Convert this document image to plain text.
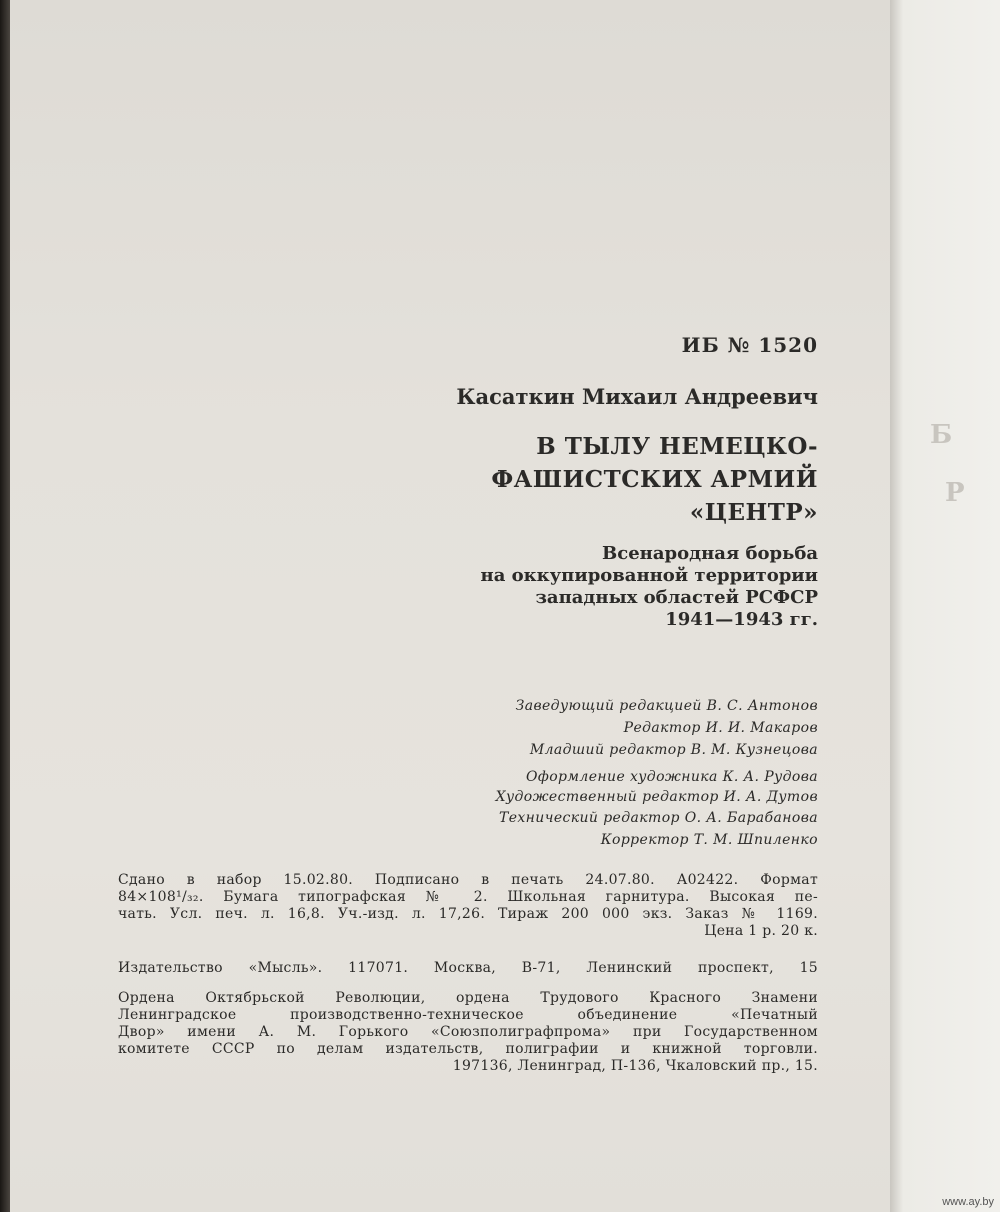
ИБ № 1520
Касаткин Михаил Андреевич
В ТЫЛУ НЕМЕЦКО-
ФАШИСТСКИХ АРМИЙ
«ЦЕНТР»
Всенародная борьба
на оккупированной территории
западных областей РСФСР
1941—1943 гг.
Заведующий редакцией В. С. Антонов
Редактор И. И. Макаров
Младший редактор В. М. Кузнецова
Оформление художника К. А. Рудова
Художественный редактор И. А. Дутов
Технический редактор О. А. Барабанова
Корректор Т. М. Шпиленко
Сдано в набор 15.02.80. Подписано в печать 24.07.80. А02422. Формат
84×108¹/₃₂. Бумага типографская № 2. Школьная гарнитура. Высокая пе-
чать. Усл. печ. л. 16,8. Уч.-изд. л. 17,26. Тираж 200 000 экз. Заказ № 1169.
Цена 1 р. 20 к.
Издательство «Мысль». 117071. Москва, В-71, Ленинский проспект, 15
Ордена Октябрьской Революции, ордена Трудового Красного Знамени
Ленинградское производственно-техническое объединение «Печатный
Двор» имени А. М. Горького «Союзполиграфпрома» при Государственном
комитете СССР по делам издательств, полиграфии и книжной торговли.
197136, Ленинград, П-136, Чкаловский пр., 15.
Б
Р
www.ay.by
